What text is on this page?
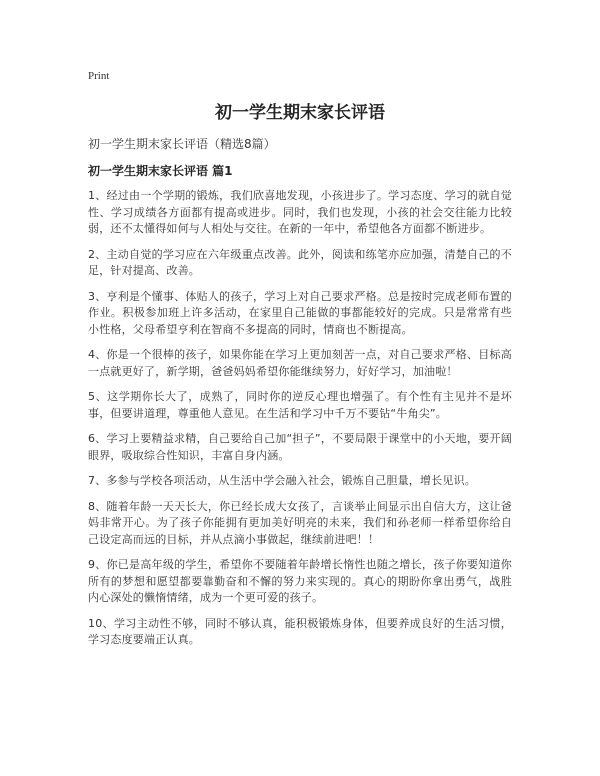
Print
初一学生期末家长评语

初一学生期末家长评语（精选8篇）

初一学生期末家长评语 篇1

1、经过由一个学期的锻炼，我们欣喜地发现，小孩进步了。学习态度、学习的就自觉性、学习成绩各方面都有提高或进步。同时，我们也发现，小孩的社会交往能力比较弱，还不太懂得如何与人相处与交往。在新的一年中，希望他各方面都不断进步。

2、主动自觉的学习应在六年级重点改善。此外，阅读和练笔亦应加强，清楚自己的不足，针对提高、改善。

3、亨利是个懂事、体贴人的孩子，学习上对自己要求严格。总是按时完成老师布置的作业。积极参加班上许多活动，在家里自己能做的事都能较好的完成。只是常常有些小性格，父母希望亨利在智商不多提高的同时，情商也不断提高。

4、你是一个很棒的孩子，如果你能在学习上更加刻苦一点，对自己要求严格、目标高一点就更好了，新学期，爸爸妈妈希望你能继续努力，好好学习，加油啦！

5、这学期你长大了，成熟了，同时你的逆反心理也增强了。有个性有主见并不是坏事，但要讲道理，尊重他人意见。在生活和学习中千万不要钻“牛角尖”。

6、学习上要精益求精，自己要给自己加“担子”，不要局限于课堂中的小天地，要开阔眼界，吸取综合性知识，丰富自身内涵。

7、多参与学校各项活动，从生活中学会融入社会，锻炼自己胆量，增长见识。

8、随着年龄一天天长大，你已经长成大女孩了，言谈举止间显示出自信大方，这让爸妈非常开心。为了孩子你能拥有更加美好明亮的未来，我们和孙老师一样希望你给自己设定高而远的目标，并从点滴小事做起，继续前进吧！！

9、你已是高年级的学生，希望你不要随着年龄增长惰性也随之增长，孩子你要知道你所有的梦想和愿望都要靠勤奋和不懈的努力来实现的。真心的期盼你拿出勇气，战胜内心深处的懒惰情绪，成为一个更可爱的孩子。

10、学习主动性不够，同时不够认真，能积极锻炼身体，但要养成良好的生活习惯，学习态度要端正认真。
